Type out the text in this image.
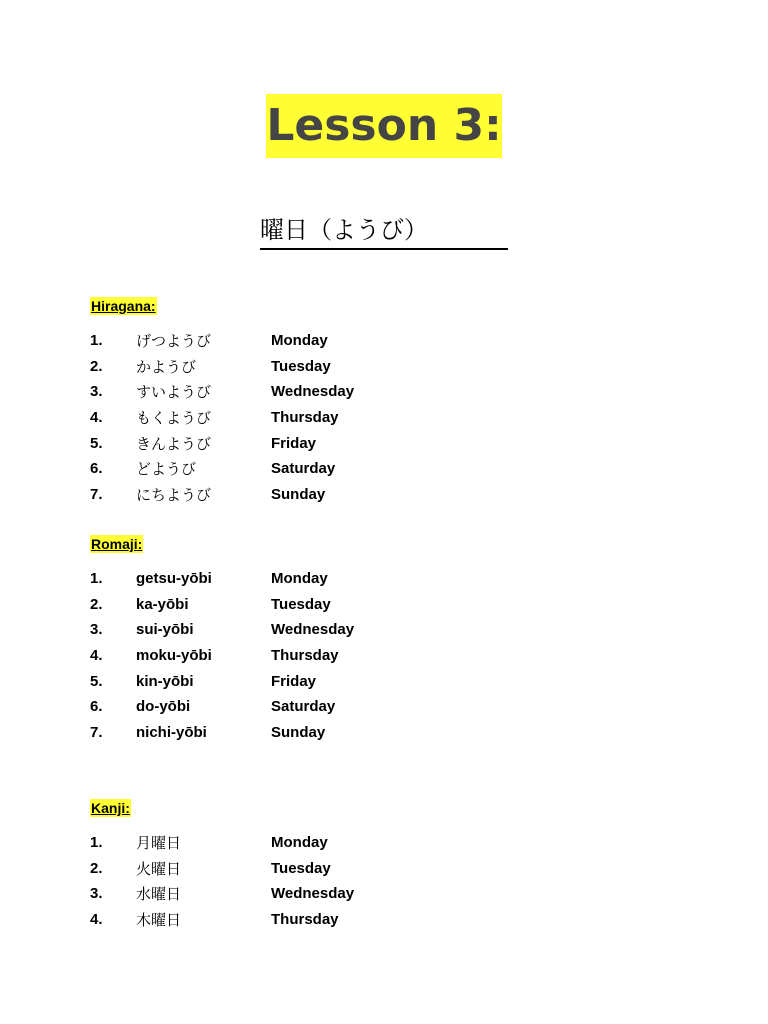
Lesson 3:
曜日（ようび）
Hiragana:
1. げつようび	Monday
2. かようび	Tuesday
3. すいようび	Wednesday
4. もくようび	Thursday
5. きんようび	Friday
6. どようび	Saturday
7. にちようび	Sunday
Romaji:
1. getsu-yōbi	Monday
2. ka-yōbi	Tuesday
3. sui-yōbi	Wednesday
4. moku-yōbi	Thursday
5. kin-yōbi	Friday
6. do-yōbi	Saturday
7. nichi-yōbi	Sunday
Kanji:
1. 月曜日	Monday
2. 火曜日	Tuesday
3. 水曜日	Wednesday
4. 木曜日	Thursday
